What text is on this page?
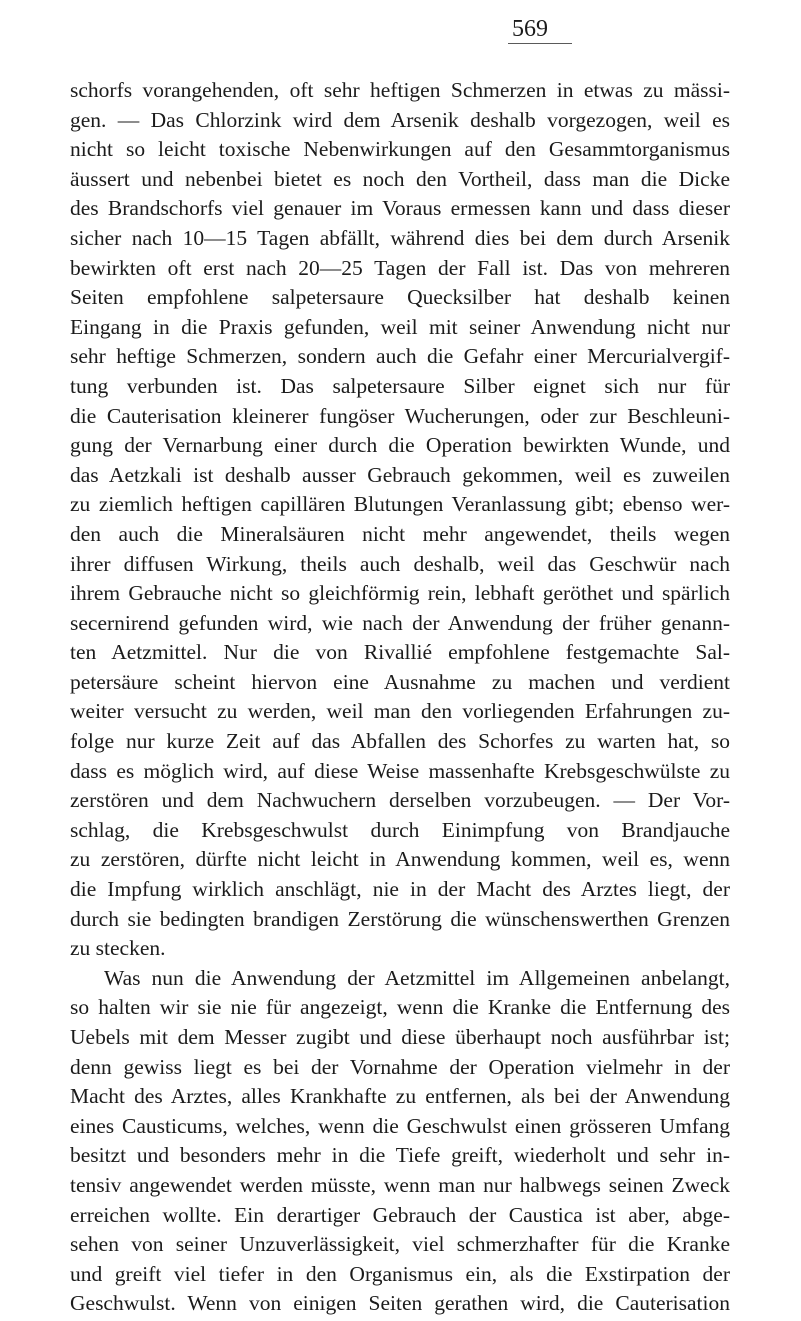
569
schorfs vorangehenden, oft sehr heftigen Schmerzen in etwas zu mässi-
gen. — Das Chlorzink wird dem Arsenik deshalb vorgezogen, weil es
nicht so leicht toxische Nebenwirkungen auf den Gesammtorganismus
äussert und nebenbei bietet es noch den Vortheil, dass man die Dicke
des Brandschorfs viel genauer im Voraus ermessen kann und dass dieser
sicher nach 10—15 Tagen abfällt, während dies bei dem durch Arsenik
bewirkten oft erst nach 20—25 Tagen der Fall ist. Das von mehreren
Seiten empfohlene salpetersaure Quecksilber hat deshalb keinen
Eingang in die Praxis gefunden, weil mit seiner Anwendung nicht nur
sehr heftige Schmerzen, sondern auch die Gefahr einer Mercurialvergif-
tung verbunden ist. Das salpetersaure Silber eignet sich nur für
die Cauterisation kleinerer fungöser Wucherungen, oder zur Beschleuni-
gung der Vernarbung einer durch die Operation bewirkten Wunde, und
das Aetzkali ist deshalb ausser Gebrauch gekommen, weil es zuweilen
zu ziemlich heftigen capillären Blutungen Veranlassung gibt; ebenso wer-
den auch die Mineralsäuren nicht mehr angewendet, theils wegen
ihrer diffusen Wirkung, theils auch deshalb, weil das Geschwür nach
ihrem Gebrauche nicht so gleichförmig rein, lebhaft geröthet und spärlich
secernirend gefunden wird, wie nach der Anwendung der früher genann-
ten Aetzmittel. Nur die von Rivallié empfohlene festgemachte Sal-
petersäure scheint hiervon eine Ausnahme zu machen und verdient
weiter versucht zu werden, weil man den vorliegenden Erfahrungen zu-
folge nur kurze Zeit auf das Abfallen des Schorfes zu warten hat, so
dass es möglich wird, auf diese Weise massenhafte Krebsgeschwülste zu
zerstören und dem Nachwuchern derselben vorzubeugen. — Der Vor-
schlag, die Krebsgeschwulst durch Einimpfung von Brandjauche
zu zerstören, dürfte nicht leicht in Anwendung kommen, weil es, wenn
die Impfung wirklich anschlägt, nie in der Macht des Arztes liegt, der
durch sie bedingten brandigen Zerstörung die wünschenswerthen Grenzen
zu stecken.
Was nun die Anwendung der Aetzmittel im Allgemeinen anbelangt,
so halten wir sie nie für angezeigt, wenn die Kranke die Entfernung des
Uebels mit dem Messer zugibt und diese überhaupt noch ausführbar ist;
denn gewiss liegt es bei der Vornahme der Operation vielmehr in der
Macht des Arztes, alles Krankhafte zu entfernen, als bei der Anwendung
eines Causticums, welches, wenn die Geschwulst einen grösseren Umfang
besitzt und besonders mehr in die Tiefe greift, wiederholt und sehr in-
tensiv angewendet werden müsste, wenn man nur halbwegs seinen Zweck
erreichen wollte. Ein derartiger Gebrauch der Caustica ist aber, abge-
sehen von seiner Unzuverlässigkeit, viel schmerzhafter für die Kranke
und greift viel tiefer in den Organismus ein, als die Exstirpation der
Geschwulst. Wenn von einigen Seiten gerathen wird, die Cauterisation
